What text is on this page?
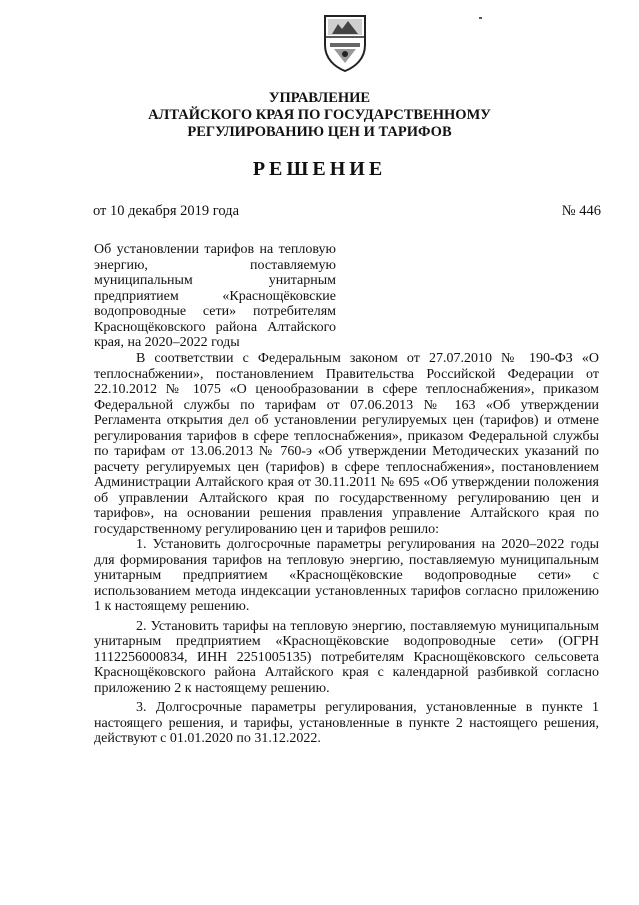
УПРАВЛЕНИЕ
АЛТАЙСКОГО КРАЯ ПО ГОСУДАРСТВЕННОМУ
РЕГУЛИРОВАНИЮ ЦЕН И ТАРИФОВ
РЕШЕНИЕ
от 10 декабря 2019 года	№ 446
Об установлении тарифов на тепловую энергию, поставляемую муниципальным унитарным предприятием «Краснощёковские водопроводные сети» потребителям Краснощёковского района Алтайского края, на 2020–2022 годы

В соответствии с Федеральным законом от 27.07.2010 № 190-ФЗ «О теплоснабжении», постановлением Правительства Российской Федерации от 22.10.2012 № 1075 «О ценообразовании в сфере теплоснабжения», приказом Федеральной службы по тарифам от 07.06.2013 № 163 «Об утверждении Регламента открытия дел об установлении регулируемых цен (тарифов) и отмене регулирования тарифов в сфере теплоснабжения», приказом Федеральной службы по тарифам от 13.06.2013 № 760-э «Об утверждении Методических указаний по расчету регулируемых цен (тарифов) в сфере теплоснабжения», постановлением Администрации Алтайского края от 30.11.2011 № 695 «Об утверждении положения об управлении Алтайского края по государственному регулированию цен и тарифов», на основании решения правления управление Алтайского края по государственному регулированию цен и тарифов решило:

1. Установить долгосрочные параметры регулирования на 2020–2022 годы для формирования тарифов на тепловую энергию, поставляемую муниципальным унитарным предприятием «Краснощёковские водопроводные сети» с использованием метода индексации установленных тарифов согласно приложению 1 к настоящему решению.

2. Установить тарифы на тепловую энергию, поставляемую муниципальным унитарным предприятием «Краснощёковские водопроводные сети» (ОГРН 1112256000834, ИНН 2251005135) потребителям Краснощёковского сельсовета Краснощёковского района Алтайского края с календарной разбивкой согласно приложению 2 к настоящему решению.

3. Долгосрочные параметры регулирования, установленные в пункте 1 настоящего решения, и тарифы, установленные в пункте 2 настоящего решения, действуют с 01.01.2020 по 31.12.2022.
